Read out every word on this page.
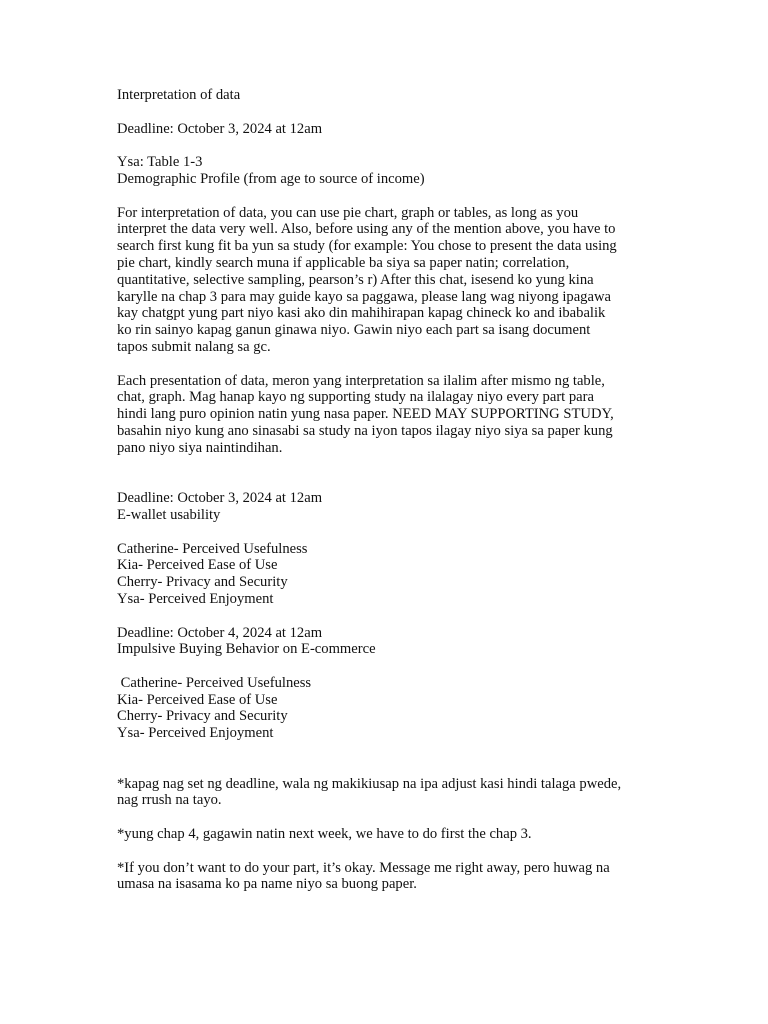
Interpretation of data
Deadline: October 3, 2024 at 12am
Ysa: Table 1-3
Demographic Profile (from age to source of income)
For interpretation of data, you can use pie chart, graph or tables, as long as you
interpret the data very well. Also, before using any of the mention above, you have to
search first kung fit ba yun sa study (for example: You chose to present the data using
pie chart, kindly search muna if applicable ba siya sa paper natin; correlation,
quantitative, selective sampling, pearson’s r) After this chat, isesend ko yung kina
karylle na chap 3 para may guide kayo sa paggawa, please lang wag niyong ipagawa
kay chatgpt yung part niyo kasi ako din mahihirapan kapag chineck ko and ibabalik
ko rin sainyo kapag ganun ginawa niyo. Gawin niyo each part sa isang document
tapos submit nalang sa gc.
Each presentation of data, meron yang interpretation sa ilalim after mismo ng table,
chat, graph. Mag hanap kayo ng supporting study na ilalagay niyo every part para
hindi lang puro opinion natin yung nasa paper. NEED MAY SUPPORTING STUDY,
basahin niyo kung ano sinasabi sa study na iyon tapos ilagay niyo siya sa paper kung
pano niyo siya naintindihan.
Deadline: October 3, 2024 at 12am
E-wallet usability
Catherine- Perceived Usefulness
Kia- Perceived Ease of Use
Cherry- Privacy and Security
Ysa- Perceived Enjoyment
Deadline: October 4, 2024 at 12am
Impulsive Buying Behavior on E-commerce
Catherine- Perceived Usefulness
Kia- Perceived Ease of Use
Cherry- Privacy and Security
Ysa- Perceived Enjoyment
*kapag nag set ng deadline, wala ng makikiusap na ipa adjust kasi hindi talaga pwede,
nag rrush na tayo.
*yung chap 4, gagawin natin next week, we have to do first the chap 3.
*If you don’t want to do your part, it’s okay. Message me right away, pero huwag na
umasa na isasama ko pa name niyo sa buong paper.
